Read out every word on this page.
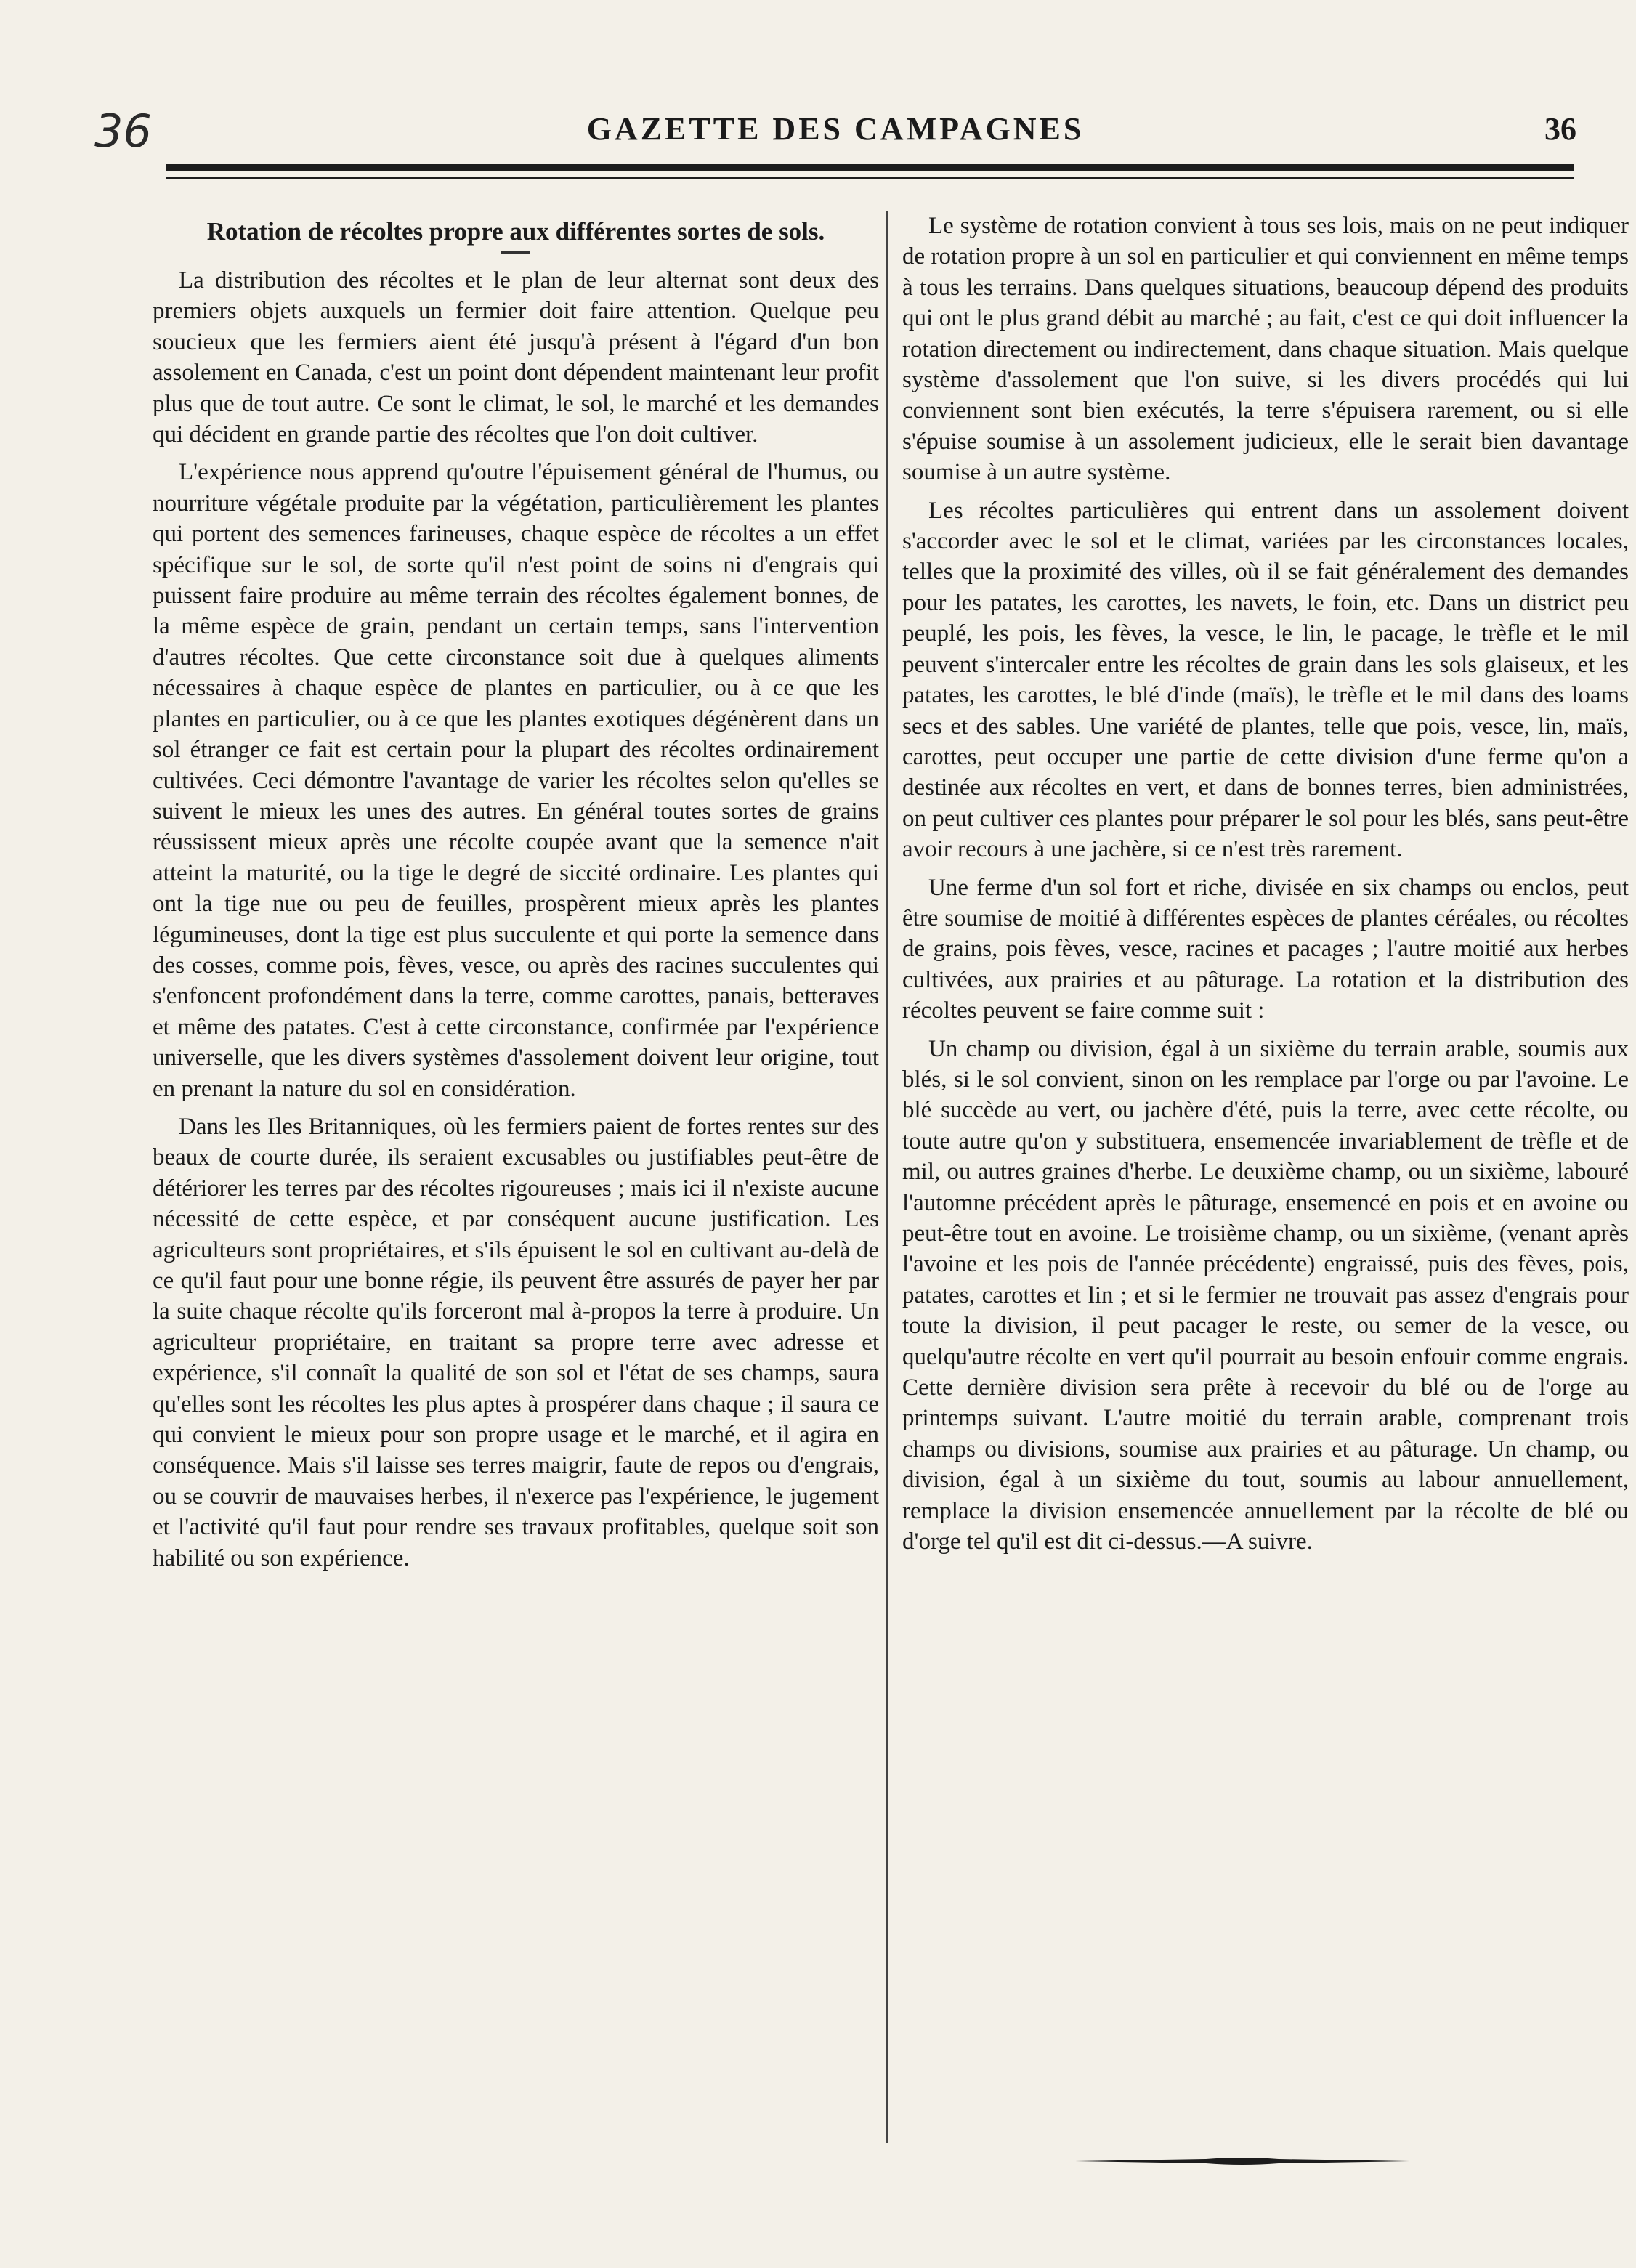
36	GAZETTE DES CAMPAGNES	36
Rotation de récoltes propre aux différentes sortes de sols.

La distribution des récoltes et le plan de leur alternat sont deux des premiers objets auxquels un fermier doit faire attention. Quelque peu soucieux que les fermiers aient été jusqu'à présent à l'égard d'un bon assolement en Canada, c'est un point dont dépendent maintenant leur profit plus que de tout autre. Ce sont le climat, le sol, le marché et les demandes qui décident en grande partie des récoltes que l'on doit cultiver.

L'expérience nous apprend qu'outre l'épuisement général de l'humus, ou nourriture végétale produite par la végétation, particulièrement les plantes qui portent des semences farineuses, chaque espèce de récoltes a un effet spécifique sur le sol, de sorte qu'il n'est point de soins ni d'engrais qui puissent faire produire au même terrain des récoltes également bonnes, de la même espèce de grain, pendant un certain temps, sans l'intervention d'autres récoltes. Que cette circonstance soit due à quelques aliments nécessaires à chaque espèce de plantes en particulier, ou à ce que les plantes en particulier, ou à ce que les plantes exotiques dégénèrent dans un sol étranger ce fait est certain pour la plupart des récoltes ordinairement cultivées. Ceci démontre l'avantage de varier les récoltes selon qu'elles se suivent le mieux les unes des autres. En général toutes sortes de grains réussissent mieux après une récolte coupée avant que la semence n'ait atteint la maturité, ou la tige le degré de siccité ordinaire. Les plantes qui ont la tige nue ou peu de feuilles, prospèrent mieux après les plantes légumineuses, dont la tige est plus succulente et qui porte la semence dans des cosses, comme pois, fèves, vesce, ou après des racines succulentes qui s'enfoncent profondément dans la terre, comme carottes, panais, betteraves et même des patates. C'est à cette circonstance, confirmée par l'expérience universelle, que les divers systèmes d'assolement doivent leur origine, tout en prenant la nature du sol en considération.

Dans les Iles Britanniques, où les fermiers paient de fortes rentes sur des beaux de courte durée, ils seraient excusables ou justifiables peut-être de détériorer les terres par des récoltes rigoureuses ; mais ici il n'existe aucune nécessité de cette espèce, et par conséquent aucune justification. Les agriculteurs sont propriétaires, et s'ils épuisent le sol en cultivant au-delà de ce qu'il faut pour une bonne régie, ils peuvent être assurés de payer her par la suite chaque récolte qu'ils forceront mal à-propos la terre à produire. Un agriculteur propriétaire, en traitant sa propre terre avec adresse et expérience, s'il connaît la qualité de son sol et l'état de ses champs, saura qu'elles sont les récoltes les plus aptes à prospérer dans chaque ; il saura ce qui convient le mieux pour son propre usage et le marché, et il agira en conséquence. Mais s'il laisse ses terres maigrir, faute de repos ou d'engrais, ou se couvrir de mauvaises herbes, il n'exerce pas l'expérience, le jugement et l'activité qu'il faut pour rendre ses travaux profitables, quelque soit son habilité ou son expérience.

Le système de rotation convient à tous ses lois, mais on ne peut indiquer de rotation propre à un sol en particulier et qui conviennent en même temps à tous les terrains. Dans quelques situations, beaucoup dépend des produits qui ont le plus grand débit au marché ; au fait, c'est ce qui doit influencer la rotation directement ou indirectement, dans chaque situation. Mais quelque système d'assolement que l'on suive, si les divers procédés qui lui conviennent sont bien exécutés, la terre s'épuisera rarement, ou si elle s'épuise soumise à un assolement judicieux, elle le serait bien davantage soumise à un autre système.

Les récoltes particulières qui entrent dans un assolement doivent s'accorder avec le sol et le climat, variées par les circonstances locales, telles que la proximité des villes, où il se fait généralement des demandes pour les patates, les carottes, les navets, le foin, etc. Dans un district peu peuplé, les pois, les fèves, la vesce, le lin, le pacage, le trèfle et le mil peuvent s'intercaler entre les récoltes de grain dans les sols glaiseux, et les patates, les carottes, le blé d'inde (maïs), le trèfle et le mil dans des loams secs et des sables. Une variété de plantes, telle que pois, vesce, lin, maïs, carottes, peut occuper une partie de cette division d'une ferme qu'on a destinée aux récoltes en vert, et dans de bonnes terres, bien administrées, on peut cultiver ces plantes pour préparer le sol pour les blés, sans peut-être avoir recours à une jachère, si ce n'est très rarement.

Une ferme d'un sol fort et riche, divisée en six champs ou enclos, peut être soumise de moitié à différentes espèces de plantes céréales, ou récoltes de grains, pois fèves, vesce, racines et pacages ; l'autre moitié aux herbes cultivées, aux prairies et au pâturage. La rotation et la distribution des récoltes peuvent se faire comme suit :

Un champ ou division, égal à un sixième du terrain arable, soumis aux blés, si le sol convient, sinon on les remplace par l'orge ou par l'avoine. Le blé succède au vert, ou jachère d'été, puis la terre, avec cette récolte, ou toute autre qu'on y substituera, ensemencée invariablement de trèfle et de mil, ou autres graines d'herbe. Le deuxième champ, ou un sixième, labouré l'automne précédent après le pâturage, ensemencé en pois et en avoine ou peut-être tout en avoine. Le troisième champ, ou un sixième, (venant après l'avoine et les pois de l'année précédente) engraissé, puis des fèves, pois, patates, carottes et lin ; et si le fermier ne trouvait pas assez d'engrais pour toute la division, il peut pacager le reste, ou semer de la vesce, ou quelqu'autre récolte en vert qu'il pourrait au besoin enfouir comme engrais. Cette dernière division sera prête à recevoir du blé ou de l'orge au printemps suivant. L'autre moitié du terrain arable, comprenant trois champs ou divisions, soumise aux prairies et au pâturage. Un champ, ou division, égal à un sixième du tout, soumis au labour annuellement, remplace la division ensemencée annuellement par la récolte de blé ou d'orge tel qu'il est dit ci-dessus.—A suivre.
